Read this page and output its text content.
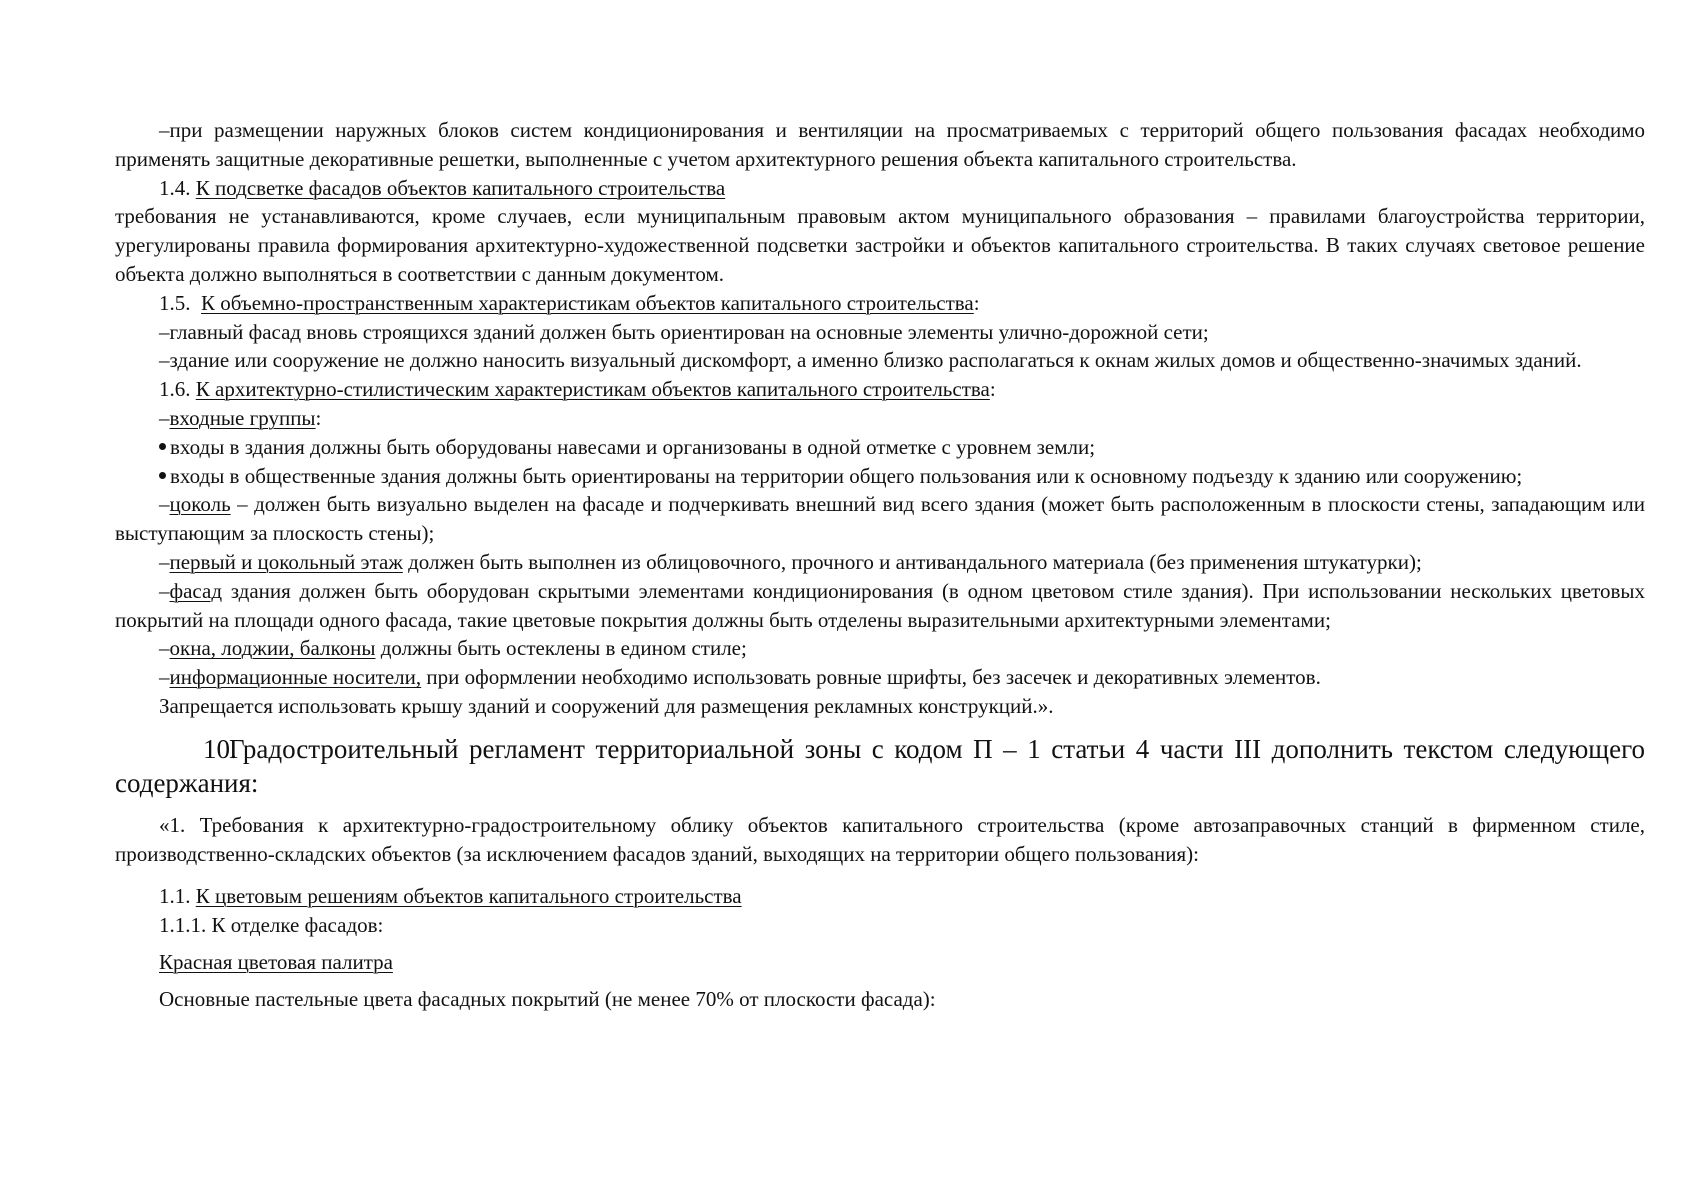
–при размещении наружных блоков систем кондиционирования и вентиляции на просматриваемых с территорий общего пользования фасадах необходимо применять защитные декоративные решетки, выполненные с учетом архитектурного решения объекта капитального строительства.

1.4. К подсветке фасадов объектов капитального строительства

требования не устанавливаются, кроме случаев, если муниципальным правовым актом муниципального образования – правилами благоустройства территории, урегулированы правила формирования архитектурно-художественной подсветки застройки и объектов капитального строительства. В таких случаях световое решение объекта должно выполняться в соответствии с данным документом.

1.5. К объемно-пространственным характеристикам объектов капитального строительства:

–главный фасад вновь строящихся зданий должен быть ориентирован на основные элементы улично-дорожной сети;

–здание или сооружение не должно наносить визуальный дискомфорт, а именно близко располагаться к окнам жилых домов и общественно-значимых зданий.

1.6. К архитектурно-стилистическим характеристикам объектов капитального строительства:

–входные группы:

входы в здания должны быть оборудованы навесами и организованы в одной отметке с уровнем земли;

входы в общественные здания должны быть ориентированы на территории общего пользования или к основному подъезду к зданию или сооружению;

–цоколь – должен быть визуально выделен на фасаде и подчеркивать внешний вид всего здания (может быть расположенным в плоскости стены, западающим или выступающим за плоскость стены);

–первый и цокольный этаж должен быть выполнен из облицовочного, прочного и антивандального материала (без применения штукатурки);

–фасад здания должен быть оборудован скрытыми элементами кондиционирования (в одном цветовом стиле здания). При использовании нескольких цветовых покрытий на площади одного фасада, такие цветовые покрытия должны быть отделены выразительными архитектурными элементами;

–окна, лоджии, балконы должны быть остеклены в едином стиле;

–информационные носители, при оформлении необходимо использовать ровные шрифты, без засечек и декоративных элементов.

Запрещается использовать крышу зданий и сооружений для размещения рекламных конструкций.».

10.Градостроительный регламент территориальной зоны с кодом П – 1 статьи 4 части III дополнить текстом следующего содержания:

«1. Требования к архитектурно-градостроительному облику объектов капитального строительства (кроме автозаправочных станций в фирменном стиле, производственно-складских объектов (за исключением фасадов зданий, выходящих на территории общего пользования):

1.1. К цветовым решениям объектов капитального строительства

1.1.1. К отделке фасадов:

Красная цветовая палитра

Основные пастельные цвета фасадных покрытий (не менее 70% от плоскости фасада):
